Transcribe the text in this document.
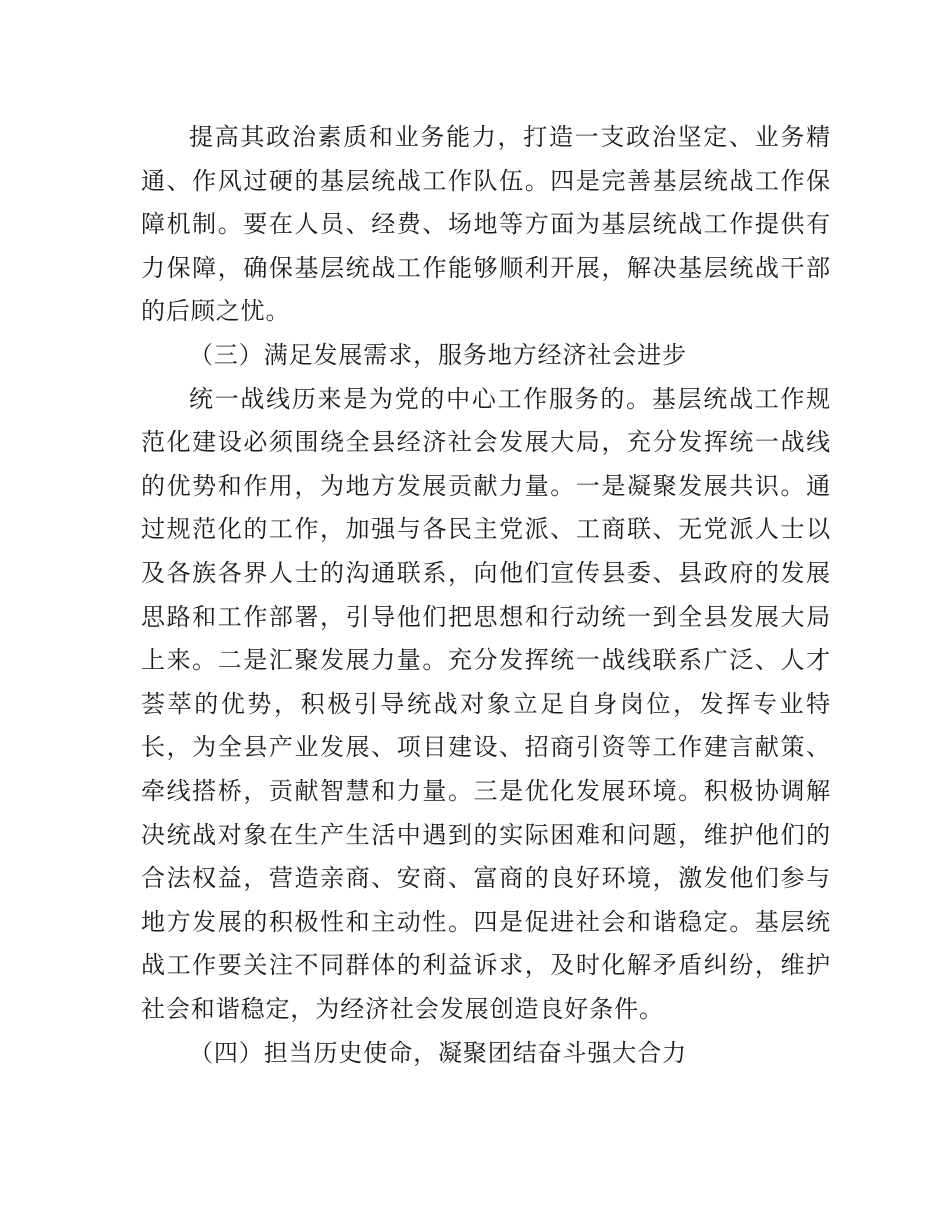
提高其政治素质和业务能力，打造一支政治坚定、业务精通、作风过硬的基层统战工作队伍。四是完善基层统战工作保障机制。要在人员、经费、场地等方面为基层统战工作提供有力保障，确保基层统战工作能够顺利开展，解决基层统战干部的后顾之忧。

（三）满足发展需求，服务地方经济社会进步

统一战线历来是为党的中心工作服务的。基层统战工作规范化建设必须围绕全县经济社会发展大局，充分发挥统一战线的优势和作用，为地方发展贡献力量。一是凝聚发展共识。通过规范化的工作，加强与各民主党派、工商联、无党派人士以及各族各界人士的沟通联系，向他们宣传县委、县政府的发展思路和工作部署，引导他们把思想和行动统一到全县发展大局上来。二是汇聚发展力量。充分发挥统一战线联系广泛、人才荟萃的优势，积极引导统战对象立足自身岗位，发挥专业特长，为全县产业发展、项目建设、招商引资等工作建言献策、牵线搭桥，贡献智慧和力量。三是优化发展环境。积极协调解决统战对象在生产生活中遇到的实际困难和问题，维护他们的合法权益，营造亲商、安商、富商的良好环境，激发他们参与地方发展的积极性和主动性。四是促进社会和谐稳定。基层统战工作要关注不同群体的利益诉求，及时化解矛盾纠纷，维护社会和谐稳定，为经济社会发展创造良好条件。

（四）担当历史使命，凝聚团结奋斗强大合力
